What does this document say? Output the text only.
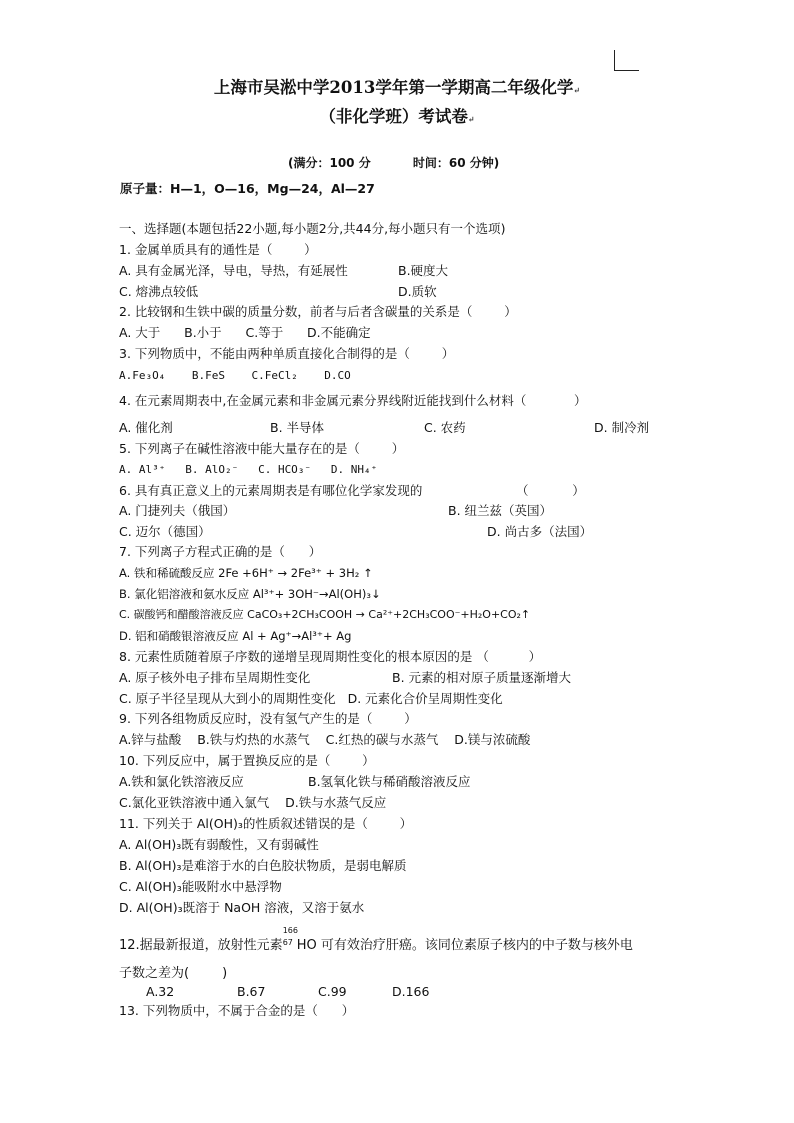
上海市吴淞中学2013学年第一学期高二年级化学↵
（非化学班）考试卷↵
(满分：100 分	时间：60 分钟)
原子量：H—1，O—16，Mg—24，Al—27
一、选择题(本题包括22小题,每小题2分,共44分,每小题只有一个选项)
1. 金属单质具有的通性是（        ）
A. 具有金属光泽，导电，导热，有延展性	B.硬度大
C. 熔沸点较低	D.质软
2. 比较钢和生铁中碳的质量分数，前者与后者含碳量的关系是（        ）
A. 大于      B.小于      C.等于      D.不能确定
3. 下列物质中，不能由两种单质直接化合制得的是（        ）
A.Fe₃O₄    B.FeS    C.FeCl₂    D.CO
4. 在元素周期表中,在金属元素和非金属元素分界线附近能找到什么材料（            ）
A. 催化剂	B. 半导体	C. 农药	D. 制冷剂
5. 下列离子在碱性溶液中能大量存在的是（        ）
A. Al³⁺   B. AlO₂⁻   C. HCO₃⁻   D. NH₄⁺
6. 具有真正意义上的元素周期表是有哪位化学家发现的	（           ）
A. 门捷列夫（俄国）	B. 纽兰兹（英国）
C. 迈尔（德国）	D. 尚古多（法国）
7. 下列离子方程式正确的是（      ）
A. 铁和稀硫酸反应 2Fe +6H⁺ → 2Fe³⁺ + 3H₂ ↑
B. 氯化铝溶液和氨水反应 Al³⁺+ 3OH⁻→Al(OH)₃↓
C. 碳酸钙和醋酸溶液反应 CaCO₃+2CH₃COOH → Ca²⁺+2CH₃COO⁻+H₂O+CO₂↑
D. 铝和硝酸银溶液反应 Al + Ag⁺→Al³⁺+ Ag
8. 元素性质随着原子序数的递增呈现周期性变化的根本原因的是 （          ）
A. 原子核外电子排布呈周期性变化	B. 元素的相对原子质量逐渐增大
C. 原子半径呈现从大到小的周期性变化   D. 元素化合价呈周期性变化
9. 下列各组物质反应时，没有氢气产生的是（        ）
A.锌与盐酸    B.铁与灼热的水蒸气    C.红热的碳与水蒸气    D.镁与浓硫酸
10. 下列反应中，属于置换反应的是（        ）
A.铁和氯化铁溶液反应	B.氢氧化铁与稀硝酸溶液反应
C.氯化亚铁溶液中通入氯气    D.铁与水蒸气反应
11. 下列关于 Al(OH)₃的性质叙述错误的是（        ）
A. Al(OH)₃既有弱酸性，又有弱碱性
B. Al(OH)₃是难溶于水的白色胶状物质，是弱电解质
C. Al(OH)₃能吸附水中悬浮物
D. Al(OH)₃既溶于 NaOH 溶液，又溶于氨水
12.据最新报道，放射性元素
166
67 HO 可有效治疗肝癌。该同位素原子核内的中子数与核外电
子数之差为(        )
A.32	B.67	C.99	D.166
13. 下列物质中，不属于合金的是（      ）
